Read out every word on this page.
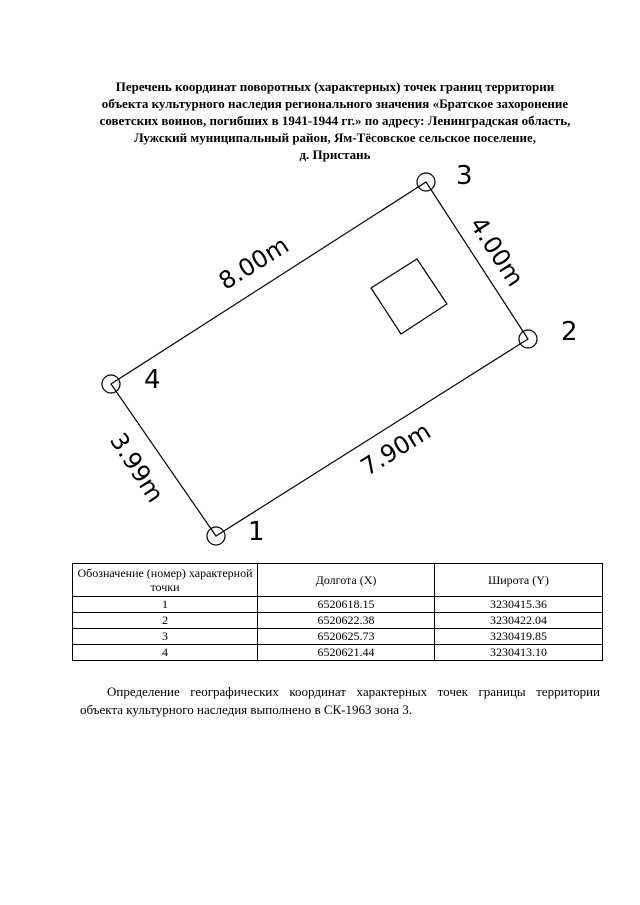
Перечень координат поворотных (характерных) точек границ территории
объекта культурного наследия регионального значения «Братское захоронение
советских воинов, погибших в 1941-1944 гг.» по адресу: Ленинградская область,
Лужский муниципальный район, Ям-Тёсовское сельское поселение,
д. Пристань
1
2
3
4
7.90m
4.00m
8.00m
3.99m
Обозначение (номер) характерной точки	Долгота (X)	Широта (Y)
1	6520618.15	3230415.36
2	6520622.38	3230422.04
3	6520625.73	3230419.85
4	6520621.44	3230413.10
Определение географических координат характерных точек границы территории объекта культурного наследия выполнено в СК-1963 зона 3.
